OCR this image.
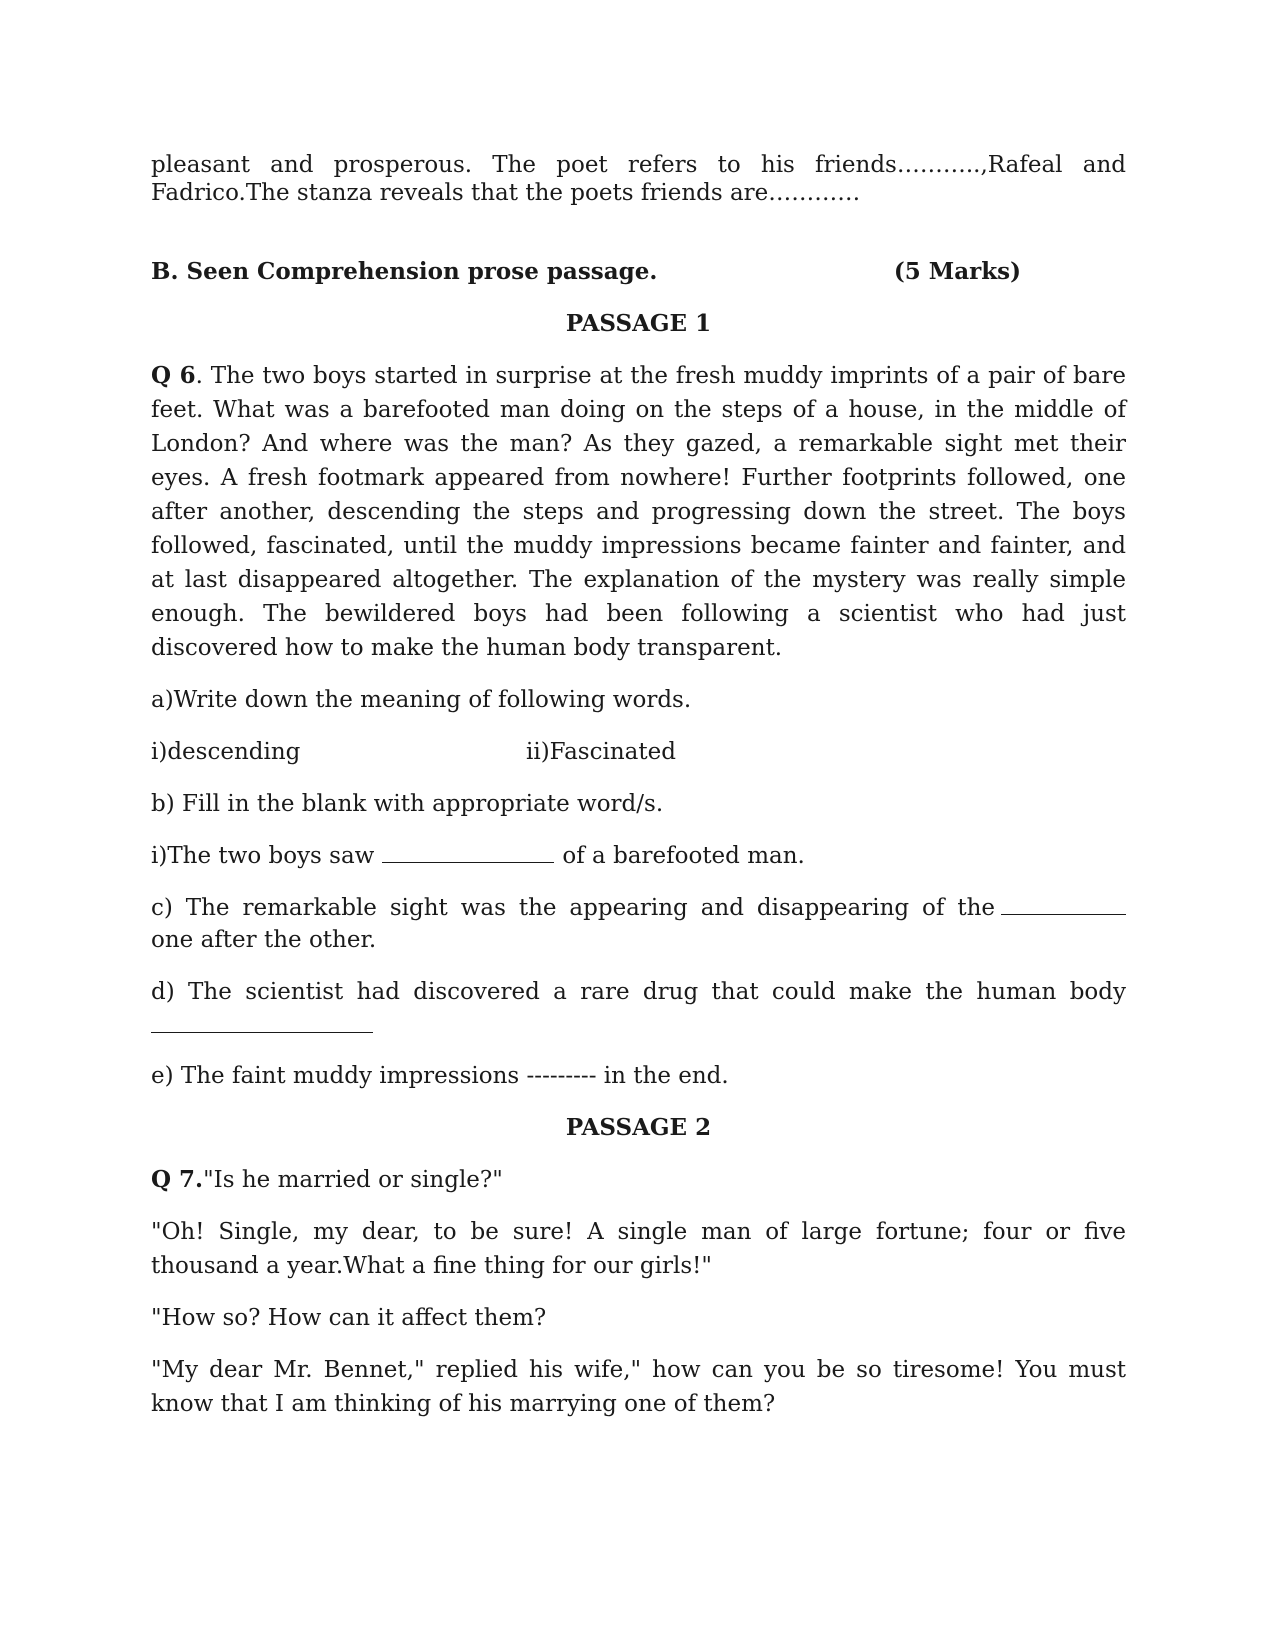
pleasant and prosperous. The poet refers to his friends………..,Rafeal and

Fadrico.The stanza reveals that the poets friends are…………

B. Seen Comprehension prose passage.	(5 Marks)

PASSAGE 1

Q 6. The two boys started in surprise at the fresh muddy imprints of a pair of bare feet. What was a barefooted man doing on the steps of a house, in the middle of London? And where was the man? As they gazed, a remarkable sight met their eyes. A fresh footmark appeared from nowhere! Further footprints followed, one after another, descending the steps and progressing down the street. The boys followed, fascinated, until the muddy impressions became fainter and fainter, and at last disappeared altogether. The explanation of the mystery was really simple enough. The bewildered boys had been following a scientist who had just discovered how to make the human body transparent.

a)Write down the meaning of following words.

i)descending	ii)Fascinated

b) Fill in the blank with appropriate word/s.

i)The two boys saw	of a barefooted man.

c) The remarkable sight was the appearing and disappearing of the

one after the other.

d) The scientist had discovered a rare drug that could make the human body

e) The faint muddy impressions --------- in the end.

PASSAGE 2

Q 7."Is he married or single?"

"Oh! Single, my dear, to be sure! A single man of large fortune; four or five thousand a year.What a fine thing for our girls!"

"How so? How can it affect them?

"My dear Mr. Bennet," replied his wife," how can you be so tiresome! You must know that I am thinking of his marrying one of them?
